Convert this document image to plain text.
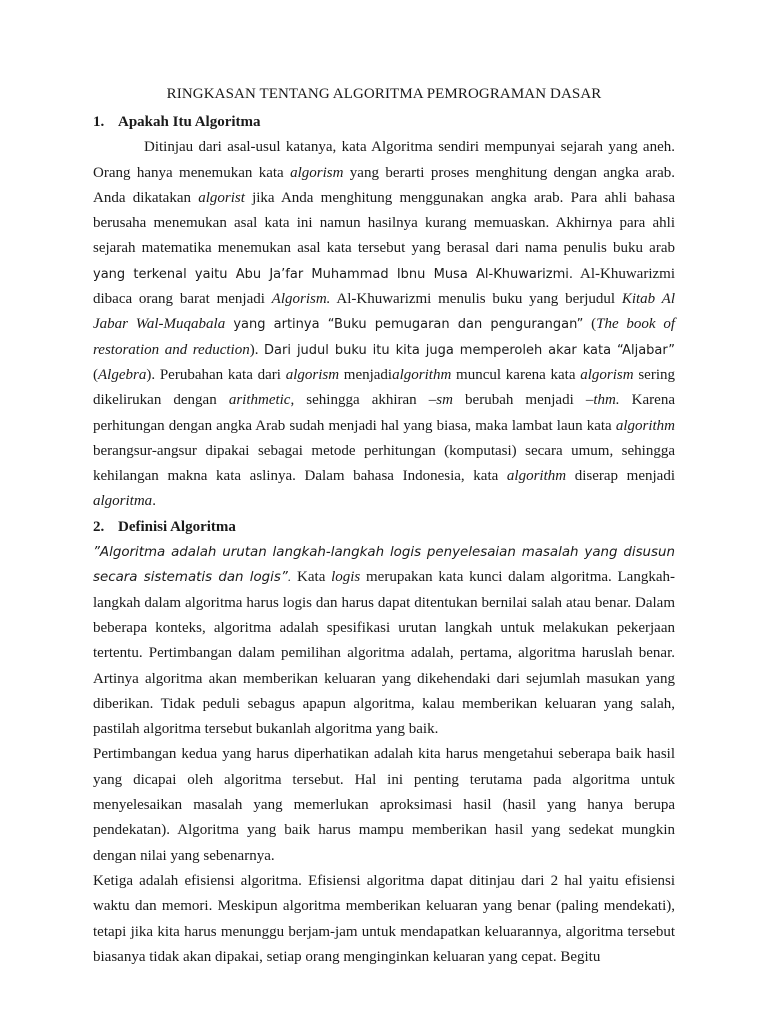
RINGKASAN TENTANG ALGORITMA PEMROGRAMAN DASAR

1. Apakah Itu Algoritma

Ditinjau dari asal-usul katanya, kata Algoritma sendiri mempunyai sejarah yang aneh. Orang hanya menemukan kata algorism yang berarti proses menghitung dengan angka arab. Anda dikatakan algorist jika Anda menghitung menggunakan angka arab. Para ahli bahasa berusaha menemukan asal kata ini namun hasilnya kurang memuaskan. Akhirnya para ahli sejarah matematika menemukan asal kata tersebut yang berasal dari nama penulis buku arab yang terkenal yaitu Abu Ja’far Muhammad Ibnu Musa Al-Khuwarizmi. Al-Khuwarizmi dibaca orang barat menjadi Algorism. Al-Khuwarizmi menulis buku yang berjudul Kitab Al Jabar Wal-Muqabala yang artinya “Buku pemugaran dan pengurangan” (The book of restoration and reduction). Dari judul buku itu kita juga memperoleh akar kata “Aljabar” (Algebra). Perubahan kata dari algorism menjadialgorithm muncul karena kata algorism sering dikelirukan dengan arithmetic, sehingga akhiran –sm berubah menjadi –thm. Karena perhitungan dengan angka Arab sudah menjadi hal yang biasa, maka lambat laun kata algorithm berangsur-angsur dipakai sebagai metode perhitungan (komputasi) secara umum, sehingga kehilangan makna kata aslinya. Dalam bahasa Indonesia, kata algorithm diserap menjadi algoritma.

2. Definisi Algoritma

”Algoritma adalah urutan langkah-langkah logis penyelesaian masalah yang disusun secara sistematis dan logis”. Kata logis merupakan kata kunci dalam algoritma. Langkah-langkah dalam algoritma harus logis dan harus dapat ditentukan bernilai salah atau benar. Dalam beberapa konteks, algoritma adalah spesifikasi urutan langkah untuk melakukan pekerjaan tertentu. Pertimbangan dalam pemilihan algoritma adalah, pertama, algoritma haruslah benar. Artinya algoritma akan memberikan keluaran yang dikehendaki dari sejumlah masukan yang diberikan. Tidak peduli sebagus apapun algoritma, kalau memberikan keluaran yang salah, pastilah algoritma tersebut bukanlah algoritma yang baik.

Pertimbangan kedua yang harus diperhatikan adalah kita harus mengetahui seberapa baik hasil yang dicapai oleh algoritma tersebut. Hal ini penting terutama pada algoritma untuk menyelesaikan masalah yang memerlukan aproksimasi hasil (hasil yang hanya berupa pendekatan). Algoritma yang baik harus mampu memberikan hasil yang sedekat mungkin dengan nilai yang sebenarnya.

Ketiga adalah efisiensi algoritma. Efisiensi algoritma dapat ditinjau dari 2 hal yaitu efisiensi waktu dan memori. Meskipun algoritma memberikan keluaran yang benar (paling mendekati), tetapi jika kita harus menunggu berjam-jam untuk mendapatkan keluarannya, algoritma tersebut biasanya tidak akan dipakai, setiap orang menginginkan keluaran yang cepat. Begitu
